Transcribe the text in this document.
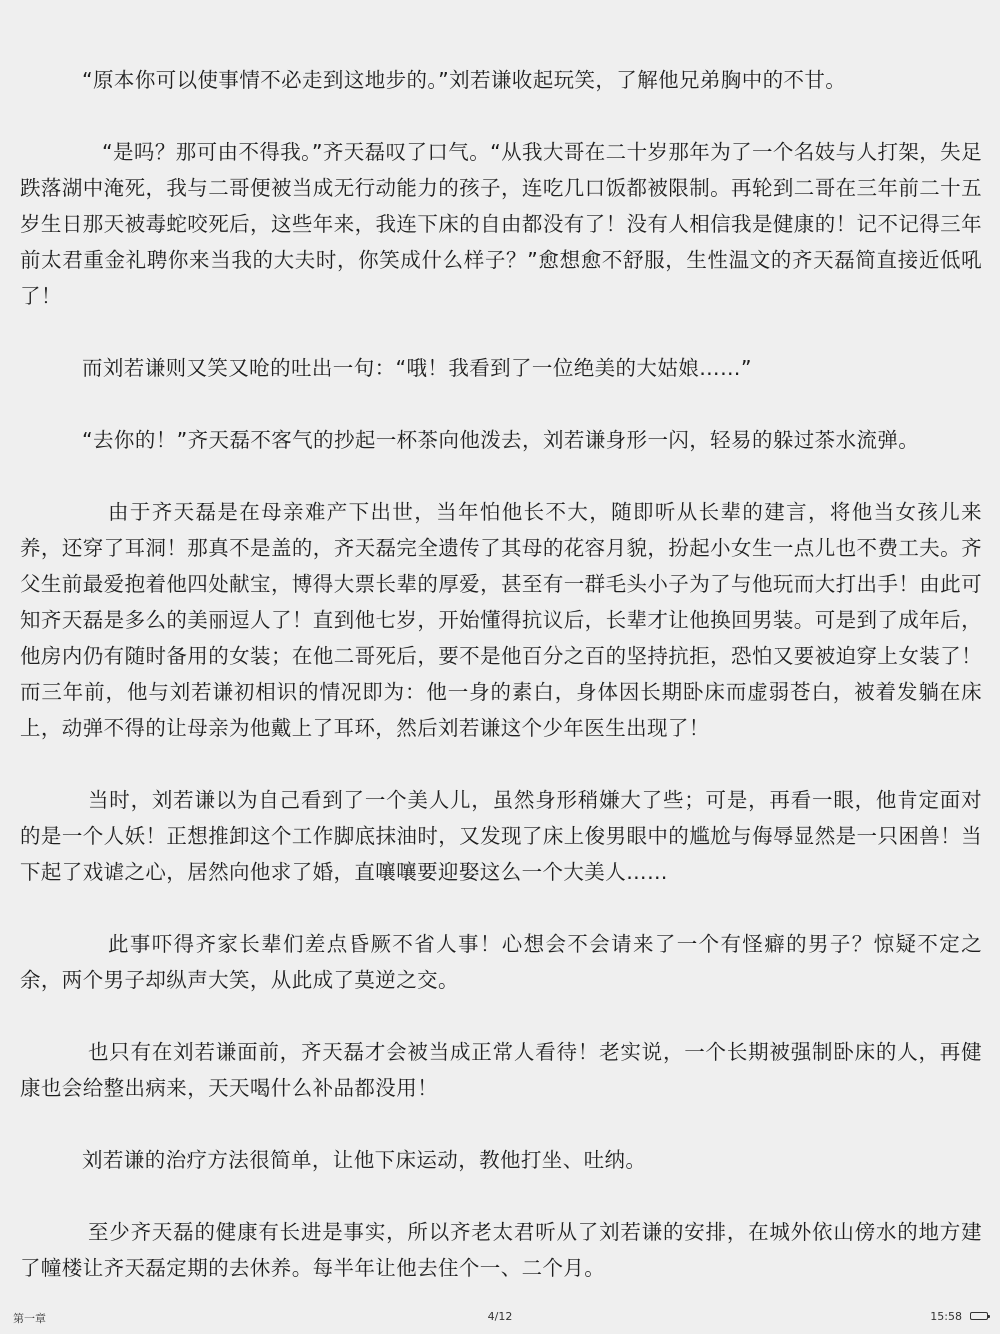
“原本你可以使事情不必走到这地步的。”刘若谦收起玩笑，了解他兄弟胸中的不甘。

“是吗？那可由不得我。”齐天磊叹了口气。“从我大哥在二十岁那年为了一个名妓与人打架，失足跌落湖中淹死，我与二哥便被当成无行动能力的孩子，连吃几口饭都被限制。再轮到二哥在三年前二十五岁生日那天被毒蛇咬死后，这些年来，我连下床的自由都没有了！没有人相信我是健康的！记不记得三年前太君重金礼聘你来当我的大夫时，你笑成什么样子？”愈想愈不舒服，生性温文的齐天磊简直接近低吼了！

而刘若谦则又笑又呛的吐出一句：“哦！我看到了一位绝美的大姑娘……”

“去你的！”齐天磊不客气的抄起一杯茶向他泼去，刘若谦身形一闪，轻易的躲过茶水流弹。

由于齐天磊是在母亲难产下出世，当年怕他长不大，随即听从长辈的建言，将他当女孩儿来养，还穿了耳洞！那真不是盖的，齐天磊完全遗传了其母的花容月貌，扮起小女生一点儿也不费工夫。齐父生前最爱抱着他四处献宝，博得大票长辈的厚爱，甚至有一群毛头小子为了与他玩而大打出手！由此可知齐天磊是多么的美丽逗人了！直到他七岁，开始懂得抗议后，长辈才让他换回男装。可是到了成年后，他房内仍有随时备用的女装；在他二哥死后，要不是他百分之百的坚持抗拒，恐怕又要被迫穿上女装了！而三年前，他与刘若谦初相识的情况即为：他一身的素白，身体因长期卧床而虚弱苍白，被着发躺在床上，动弹不得的让母亲为他戴上了耳环，然后刘若谦这个少年医生出现了！

当时，刘若谦以为自己看到了一个美人儿，虽然身形稍嫌大了些；可是，再看一眼，他肯定面对的是一个人妖！正想推卸这个工作脚底抹油时，又发现了床上俊男眼中的尴尬与侮辱显然是一只困兽！当下起了戏谑之心，居然向他求了婚，直嚷嚷要迎娶这么一个大美人……

此事吓得齐家长辈们差点昏厥不省人事！心想会不会请来了一个有怪癖的男子？惊疑不定之余，两个男子却纵声大笑，从此成了莫逆之交。

也只有在刘若谦面前，齐天磊才会被当成正常人看待！老实说，一个长期被强制卧床的人，再健康也会给整出病来，天天喝什么补品都没用！

刘若谦的治疗方法很简单，让他下床运动，教他打坐、吐纳。

至少齐天磊的健康有长进是事实，所以齐老太君听从了刘若谦的安排，在城外依山傍水的地方建了幢楼让齐天磊定期的去休养。每半年让他去住个一、二个月。

第一章	4/12	15:58
